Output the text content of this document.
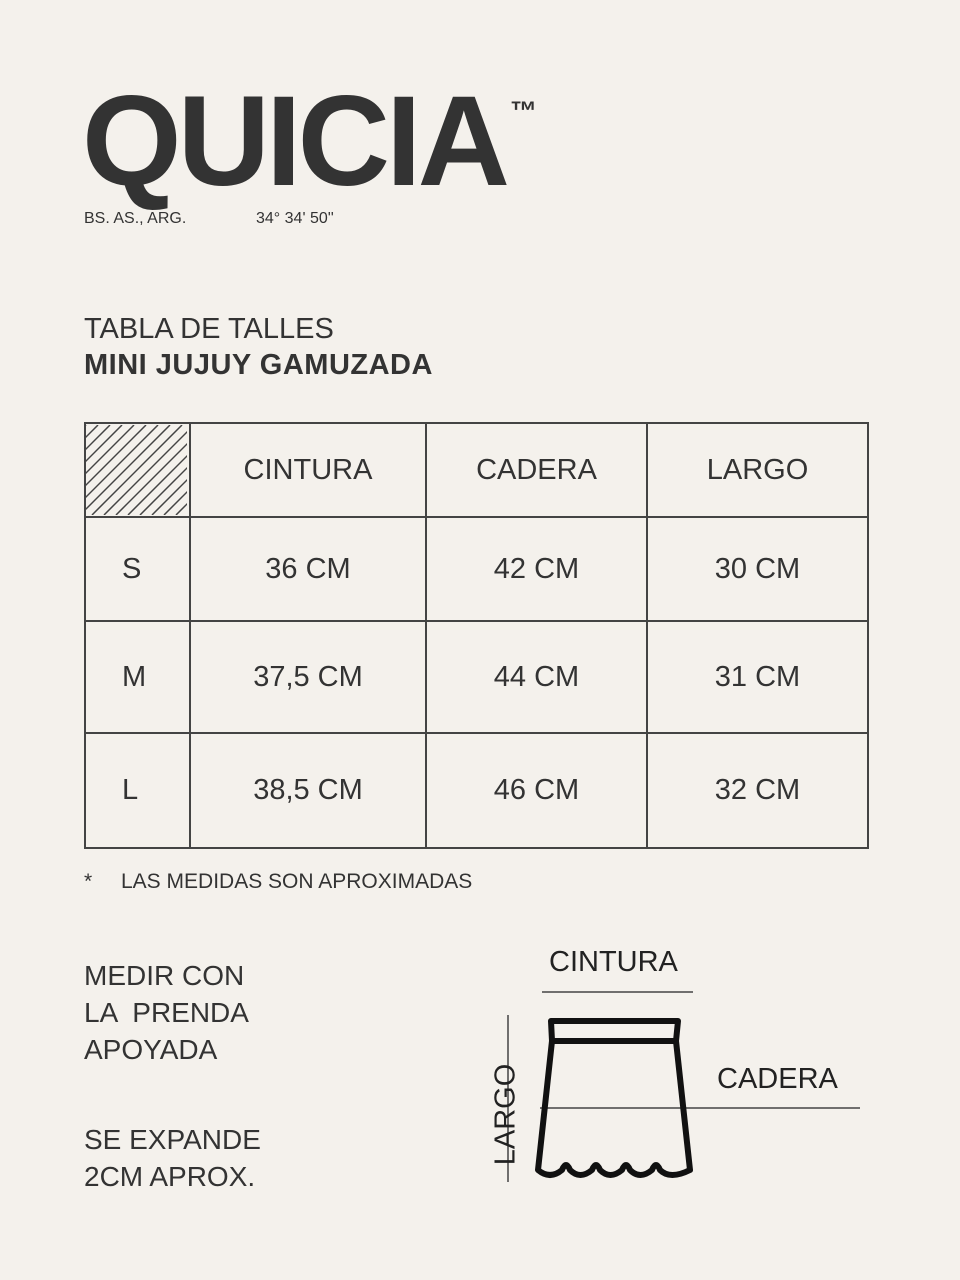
QUICIA ™
BS. AS., ARG.	34° 34' 50''
TABLA DE TALLES
MINI JUJUY GAMUZADA
	CINTURA	CADERA	LARGO
S	36 CM	42 CM	30 CM
M	37,5 CM	44 CM	31 CM
L	38,5 CM	46 CM	32 CM
* LAS MEDIDAS SON APROXIMADAS
MEDIR CON
LA  PRENDA
APOYADA
SE EXPANDE
2CM APROX.
CINTURA
CADERA
LARGO
